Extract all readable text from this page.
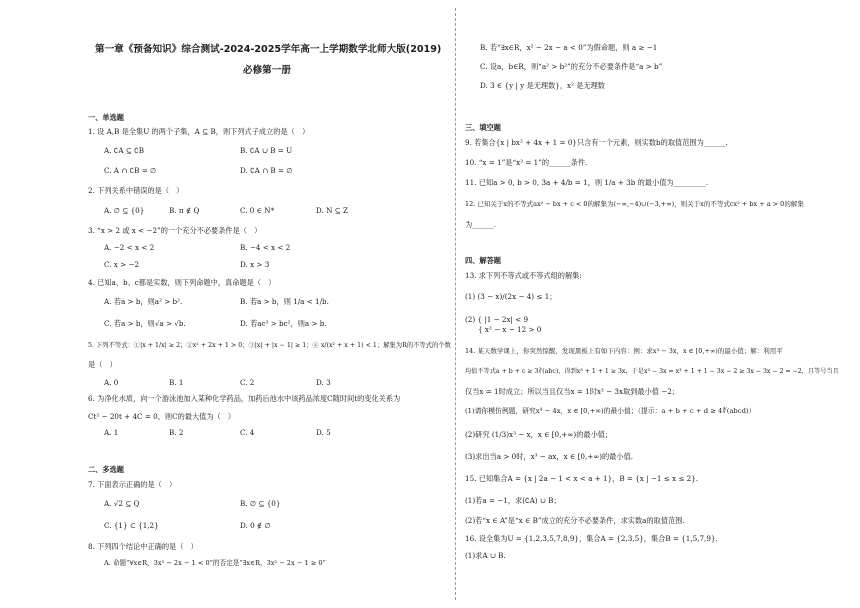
第一章《预备知识》综合测试-2024-2025学年高一上学期数学北师大版(2019)
必修第一册
一、单选题
1. 设 A,B 是全集U 的两个子集，A ⊆ B，则下列式子成立的是（　）
A. ∁A ⊆ ∁B	B. ∁A ∪ B = U
C. A ∩ ∁B = ∅	D. ∁A ∩ B = ∅
2. 下列关系中错误的是（　）
A. ∅ ⊆ {0}	B. π ∉ Q	C. 0 ∈ N*	D. N ⊆ Z
3. “x > 2 或 x < −2”的一个充分不必要条件是（　）
A. −2 < x < 2	B. −4 < x < 2
C. x > −2	D. x > 3
4. 已知a、b、c都是实数，则下列命题中，真命题是（　）
A. 若a > b，则a² > b².	B. 若a > b，则 1/a < 1/b.
C. 若a > b，则√a > √b.	D. 若ac² > bc²，则a > b.
5. 下列不等式：①|x + 1/x| ≥ 2；②x² + 2x + 1 > 0；③|x| + |x − 1| ≥ 1；④ x/(x² + x + 1) < 1；解集为R的不等式的个数
是（　）
A. 0	B. 1	C. 2	D. 3
6. 为净化水质，向一个游泳池加入某种化学药品，加药后池水中该药品浓度C随时间t的变化关系为
Ct² − 20t + 4C = 0，则C的最大值为（　）
A. 1	B. 2	C. 4	D. 5
二、多选题
7. 下面表示正确的是（　）
A. √2 ⊆ Q	B. ∅ ⊆ {0}
C. {1} ⊂ {1,2}	D. 0 ∉ ∅
8. 下列四个结论中正确的是（　）
A. 命题“∀x∈R，3x² − 2x − 1 < 0”的否定是“∃x∈R，3x² − 2x − 1 ≥ 0”
B. 若“∃x∈R，x² − 2x − a < 0”为假命题，则 a ≥ −1
C. 设a，b∈R，则“a² > b²”的充分不必要条件是“a > b”
D. 3 ∈ {y | y 是无理数}，x² 是无理数
三、填空题
9. 若集合{x | bx² + 4x + 1 = 0}只含有一个元素，则实数b的取值范围为______.
10. “x = 1”是“x² = 1”的______条件.
11. 已知a > 0, b > 0, 3a + 4/b = 1，则 1/a + 3b 的最小值为_________.
12. 已知关于x的不等式ax² − bx + c < 0的解集为(−∞,−4)∪(−3,+∞)，则关于x的不等式cx² + bx + a > 0的解集
为______.
四、解答题
13. 求下列不等式或不等式组的解集:
(1) (3 − x)/(2x − 4) ≤ 1；
(2) { |1 − 2x| < 9
{ x² − x − 12 > 0
14. 某天数学课上，你突然惊醒，发现黑板上有如下内容：例：求x³ − 3x，x ∈ [0,+∞)的最小值；解：利用平
均值不等式a + b + c ≥ 3∛(abc)，得到x³ + 1 + 1 ≥ 3x，于是x³ − 3x = x³ + 1 + 1 − 3x − 2 ≥ 3x − 3x − 2 = −2，且等号当且
仅当x = 1时成立；所以当且仅当x = 1时x³ − 3x取到最小值 −2；
(1)请你模仿例题，研究x⁴ − 4x，x ∈ [0,+∞)的最小值；（提示：a + b + c + d ≥ 4∜(abcd)）
(2)研究 (1/3)x³ − x，x ∈ [0,+∞)的最小值；
(3)求出当a > 0时，x³ − ax，x ∈ [0,+∞)的最小值.
15. 已知集合A = {x | 2a − 1 < x < a + 1}，B = {x | −1 ≤ x ≤ 2}.
(1)若a = −1，求(∁A) ∪ B；
(2)若“x ∈ A”是“x ∈ B”成立的充分不必要条件，求实数a的取值范围.
16. 设全集为U = {1,2,3,5,7,8,9}，集合A = {2,3,5}，集合B = {1,5,7,9}.
(1)求A ∪ B.
